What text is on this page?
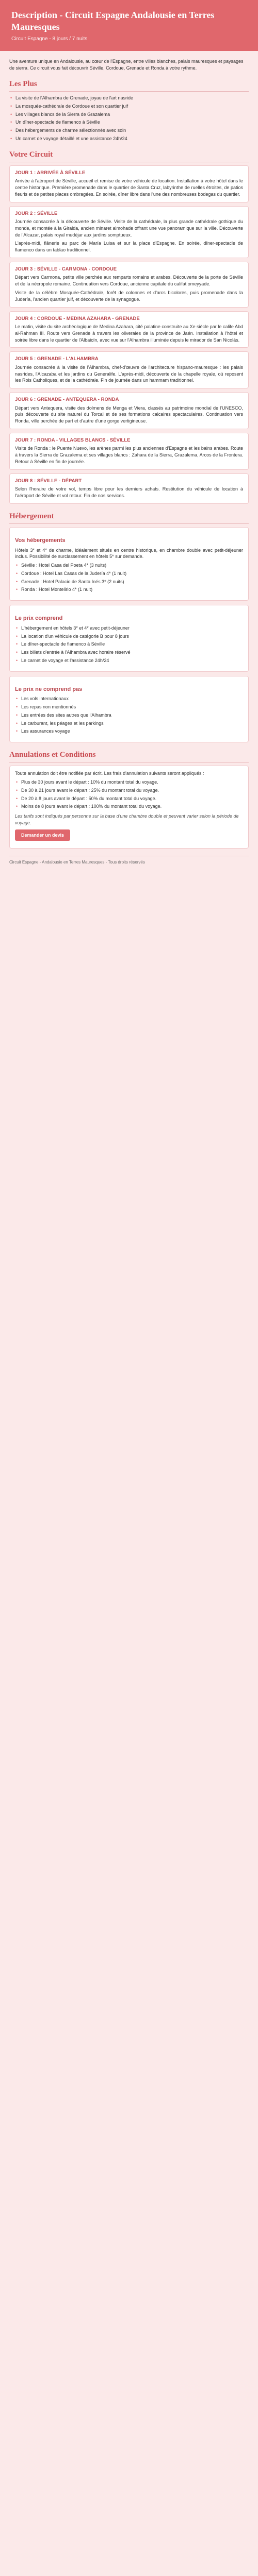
Description - Circuit Espagne Andalousie en Terres Mauresques
Circuit Espagne - 8 jours / 7 nuits

Une aventure unique en Andalousie, au cœur de l'Espagne, entre villes blanches, palais mauresques et paysages de sierra. Ce circuit vous fait découvrir Séville, Cordoue, Grenade et Ronda à votre rythme.

Les Plus
• La visite de l'Alhambra de Grenade, joyau de l'art nasride
• La mosquée-cathédrale de Cordoue et son quartier juif
• Les villages blancs de la Sierra de Grazalema
• Un dîner-spectacle de flamenco à Séville
• Des hébergements de charme sélectionnés avec soin
• Un carnet de voyage détaillé et une assistance 24h/24
Votre Circuit
JOUR 1 : ARRIVÉE À SÉVILLE

Arrivée à l'aéroport de Séville, accueil et remise de votre véhicule de location. Installation à votre hôtel dans le centre historique. Première promenade dans le quartier de Santa Cruz, labyrinthe de ruelles étroites, de patios fleuris et de petites places ombragées. En soirée, dîner libre dans l'une des nombreuses bodegas du quartier.

JOUR 2 : SÉVILLE

Journée consacrée à la découverte de Séville. Visite de la cathédrale, la plus grande cathédrale gothique du monde, et montée à la Giralda, ancien minaret almohade offrant une vue panoramique sur la ville. Découverte de l'Alcazar, palais royal mudéjar aux jardins somptueux.

L'après-midi, flânerie au parc de María Luisa et sur la place d'Espagne. En soirée, dîner-spectacle de flamenco dans un tablao traditionnel.

JOUR 3 : SÉVILLE - CARMONA - CORDOUE

Départ vers Carmona, petite ville perchée aux remparts romains et arabes. Découverte de la porte de Séville et de la nécropole romaine. Continuation vers Cordoue, ancienne capitale du califat omeyyade.

Visite de la célèbre Mosquée-Cathédrale, forêt de colonnes et d'arcs bicolores, puis promenade dans la Judería, l'ancien quartier juif, et découverte de la synagogue.

JOUR 4 : CORDOUE - MEDINA AZAHARA - GRENADE

Le matin, visite du site archéologique de Medina Azahara, cité palatine construite au Xe siècle par le calife Abd al-Rahman III. Route vers Grenade à travers les oliveraies de la province de Jaén. Installation à l'hôtel et soirée libre dans le quartier de l'Albaicín, avec vue sur l'Alhambra illuminée depuis le mirador de San Nicolás.

JOUR 5 : GRENADE - L'ALHAMBRA

Journée consacrée à la visite de l'Alhambra, chef-d'œuvre de l'architecture hispano-mauresque : les palais nasrides, l'Alcazaba et les jardins du Generalife. L'après-midi, découverte de la chapelle royale, où reposent les Rois Catholiques, et de la cathédrale. Fin de journée dans un hammam traditionnel.

JOUR 6 : GRENADE - ANTEQUERA - RONDA

Départ vers Antequera, visite des dolmens de Menga et Viera, classés au patrimoine mondial de l'UNESCO, puis découverte du site naturel du Torcal et de ses formations calcaires spectaculaires. Continuation vers Ronda, ville perchée de part et d'autre d'une gorge vertigineuse.

JOUR 7 : RONDA - VILLAGES BLANCS - SÉVILLE

Visite de Ronda : le Puente Nuevo, les arènes parmi les plus anciennes d'Espagne et les bains arabes. Route à travers la Sierra de Grazalema et ses villages blancs : Zahara de la Sierra, Grazalema, Arcos de la Frontera. Retour à Séville en fin de journée.

JOUR 8 : SÉVILLE - DÉPART

Selon l'horaire de votre vol, temps libre pour les derniers achats. Restitution du véhicule de location à l'aéroport de Séville et vol retour. Fin de nos services.

Hébergement
Vos hébergements

Hôtels 3* et 4* de charme, idéalement situés en centre historique, en chambre double avec petit-déjeuner inclus. Possibilité de surclassement en hôtels 5* sur demande.

• Séville : Hotel Casa del Poeta 4* (3 nuits)
• Cordoue : Hotel Las Casas de la Judería 4* (1 nuit)
• Grenade : Hotel Palacio de Santa Inés 3* (2 nuits)
• Ronda : Hotel Montelirio 4* (1 nuit)
Le prix comprend
• L'hébergement en hôtels 3* et 4* avec petit-déjeuner
• La location d'un véhicule de catégorie B pour 8 jours
• Le dîner-spectacle de flamenco à Séville
• Les billets d'entrée à l'Alhambra avec horaire réservé
• Le carnet de voyage et l'assistance 24h/24
Le prix ne comprend pas
• Les vols internationaux
• Les repas non mentionnés
• Les entrées des sites autres que l'Alhambra
• Le carburant, les péages et les parkings
• Les assurances voyage
Annulations et Conditions

Toute annulation doit être notifiée par écrit. Les frais d'annulation suivants seront appliqués :

• Plus de 30 jours avant le départ : 10% du montant total du voyage.
• De 30 à 21 jours avant le départ : 25% du montant total du voyage.
• De 20 à 8 jours avant le départ : 50% du montant total du voyage.
• Moins de 8 jours avant le départ : 100% du montant total du voyage.

Les tarifs sont indiqués par personne sur la base d'une chambre double et peuvent varier selon la période de voyage.

Demander un devis
Circuit Espagne - Andalousie en Terres Mauresques - Tous droits réservés
